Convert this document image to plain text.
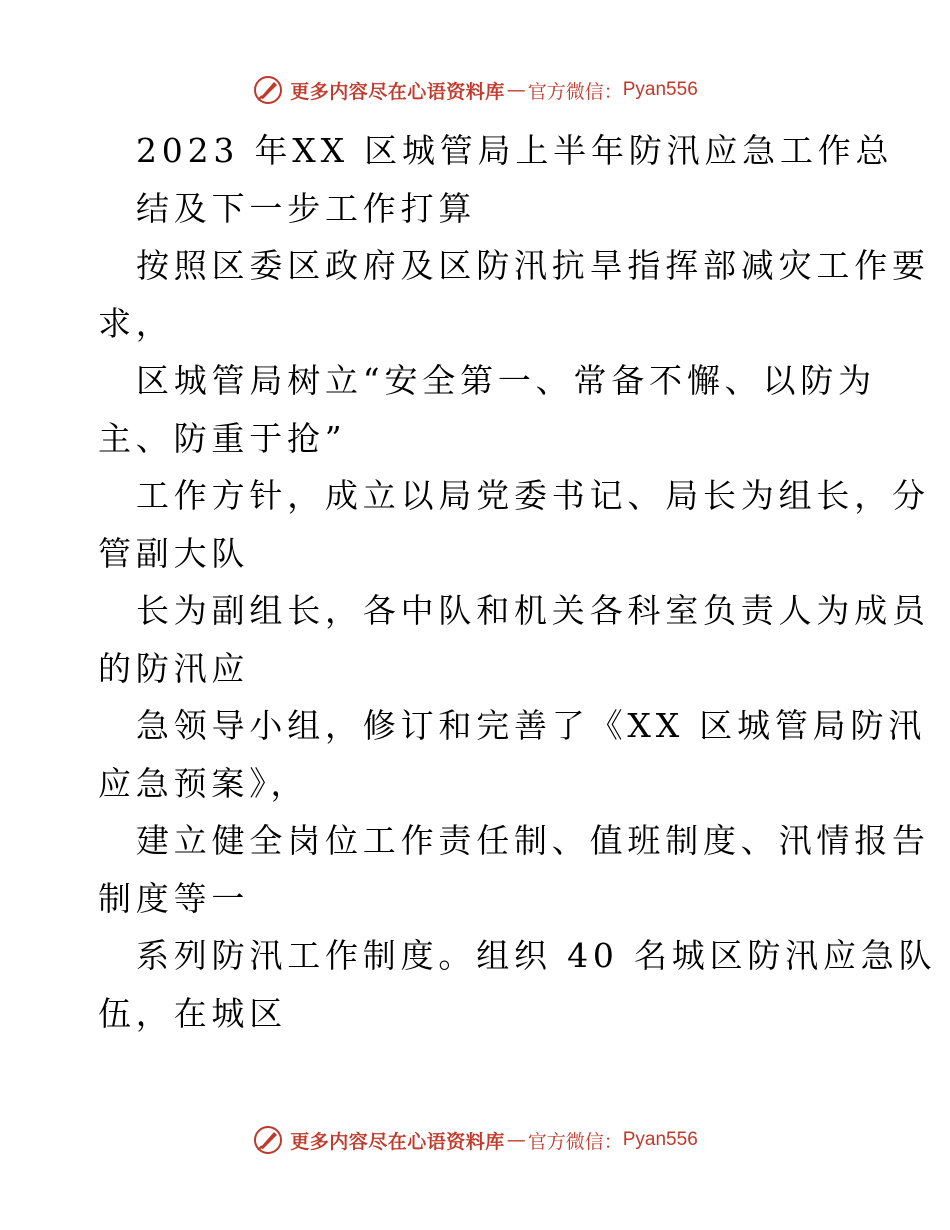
更多内容尽在心语资料库 — 官方微信： Pyan556
2023 年XX 区城管局上半年防汛应急工作总
结及下一步工作打算
按照区委区政府及区防汛抗旱指挥部减灾工作要
求，
区城管局树立“安全第一、常备不懈、以防为
主、防重于抢”
工作方针，成立以局党委书记、局长为组长，分
管副大队
长为副组长，各中队和机关各科室负责人为成员
的防汛应
急领导小组，修订和完善了《XX 区城管局防汛
应急预案》，
建立健全岗位工作责任制、值班制度、汛情报告
制度等一
系列防汛工作制度。组织 40 名城区防汛应急队
伍，在城区
更多内容尽在心语资料库 — 官方微信： Pyan556
